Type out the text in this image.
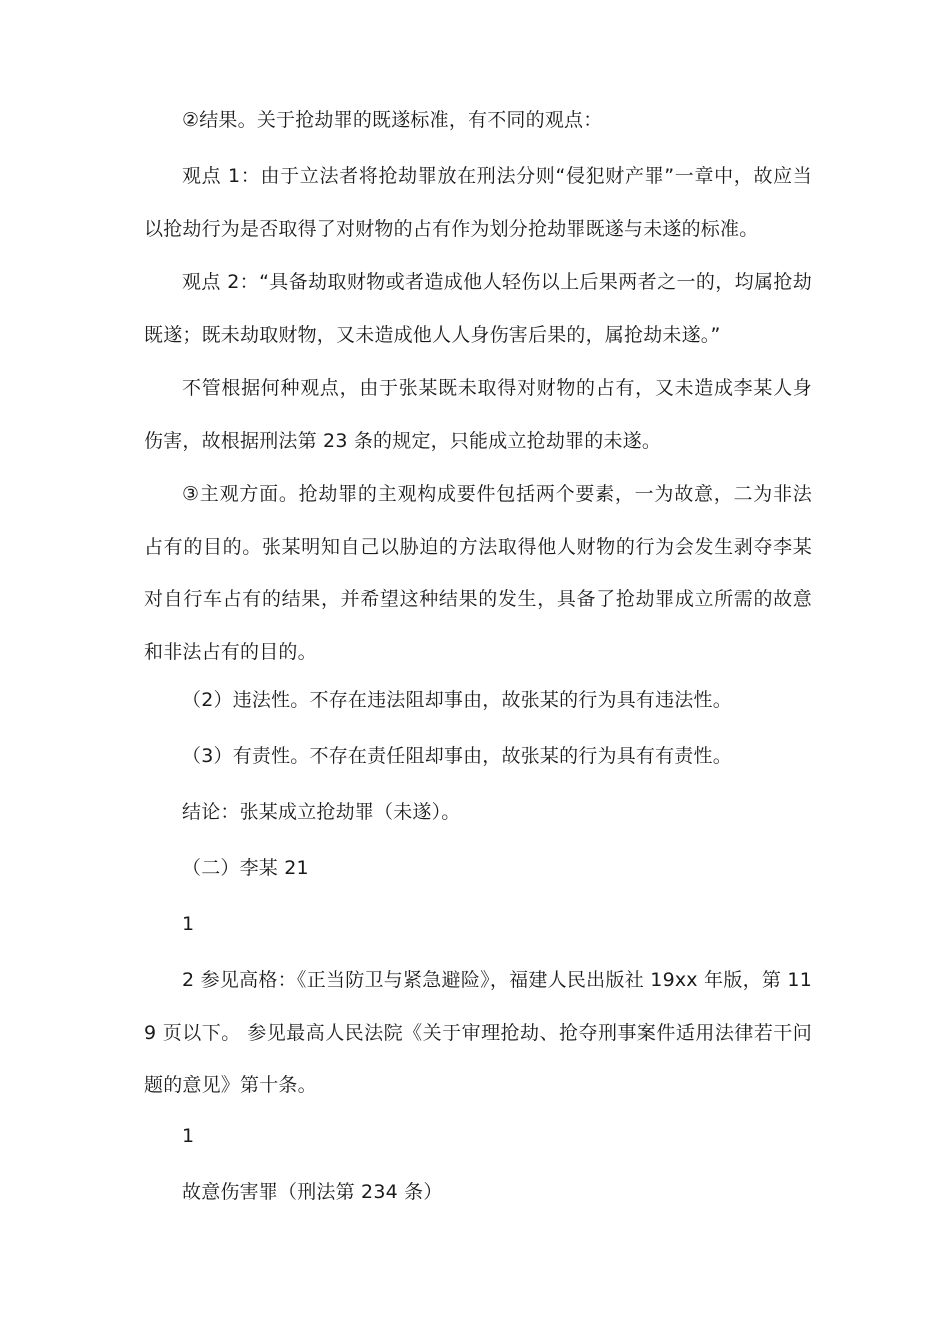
②结果。关于抢劫罪的既遂标准，有不同的观点：

观点 1：由于立法者将抢劫罪放在刑法分则“侵犯财产罪”一章中，故应当以抢劫行为是否取得了对财物的占有作为划分抢劫罪既遂与未遂的标准。

观点 2：“具备劫取财物或者造成他人轻伤以上后果两者之一的，均属抢劫既遂；既未劫取财物，又未造成他人人身伤害后果的，属抢劫未遂。”

不管根据何种观点，由于张某既未取得对财物的占有，又未造成李某人身伤害，故根据刑法第 23 条的规定，只能成立抢劫罪的未遂。

③主观方面。抢劫罪的主观构成要件包括两个要素，一为故意，二为非法占有的目的。张某明知自己以胁迫的方法取得他人财物的行为会发生剥夺李某对自行车占有的结果，并希望这种结果的发生，具备了抢劫罪成立所需的故意和非法占有的目的。

（2）违法性。不存在违法阻却事由，故张某的行为具有违法性。

（3）有责性。不存在责任阻却事由，故张某的行为具有有责性。

结论：张某成立抢劫罪（未遂）。

（二）李某 21

1

2 参见高格：《正当防卫与紧急避险》，福建人民出版社 19xx 年版，第 119 页以下。 参见最高人民法院《关于审理抢劫、抢夺刑事案件适用法律若干问题的意见》第十条。

1

故意伤害罪（刑法第 234 条）
